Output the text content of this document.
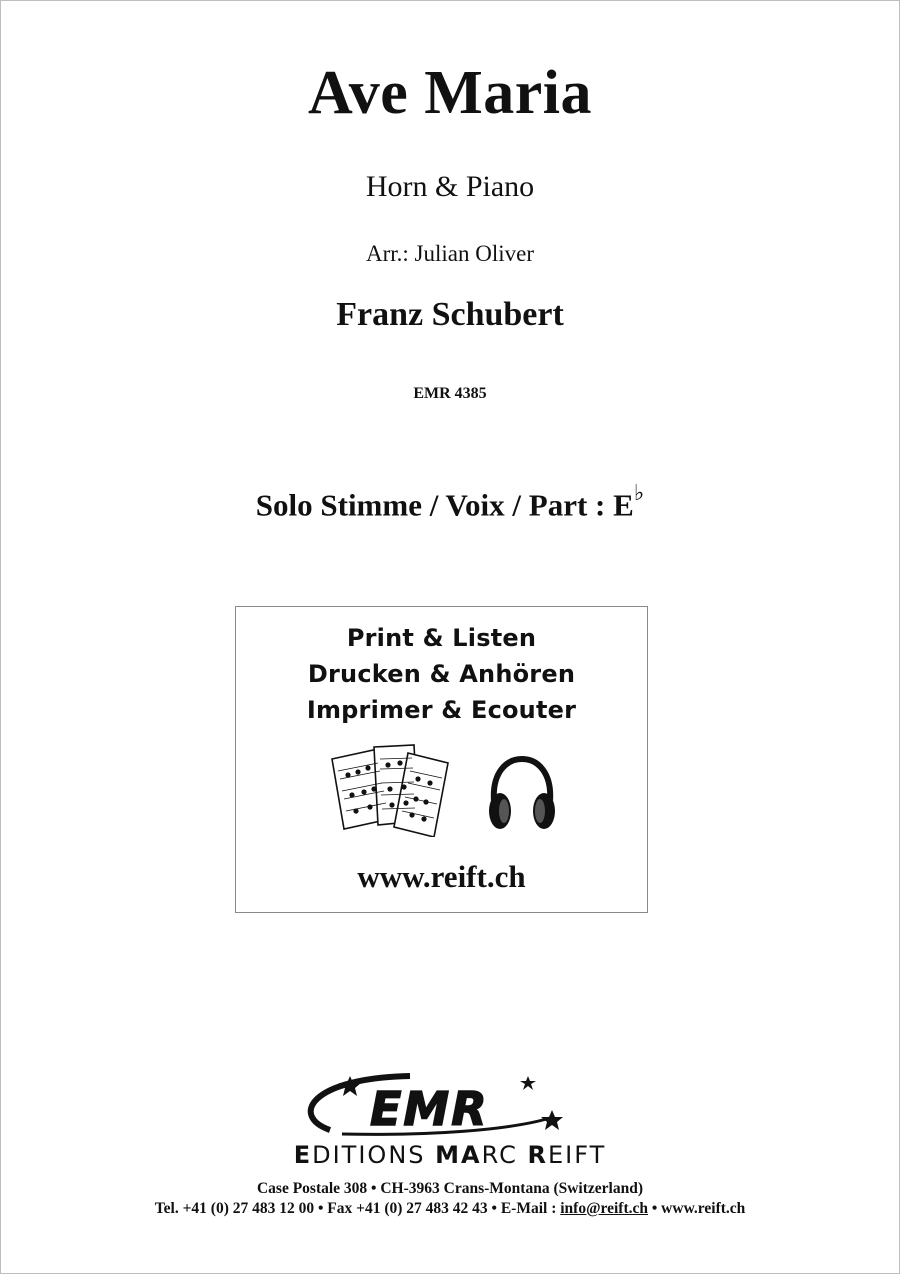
Ave Maria
Horn & Piano
Arr.: Julian Oliver
Franz Schubert
EMR 4385
Solo Stimme / Voix / Part : E♭
Print & Listen
Drucken & Anhören
Imprimer & Ecouter
www.reift.ch
EMR
EDITIONS MARC REIFT
Case Postale 308 • CH-3963 Crans-Montana (Switzerland)
Tel. +41 (0) 27 483 12 00 • Fax +41 (0) 27 483 42 43 • E-Mail : info@reift.ch • www.reift.ch
